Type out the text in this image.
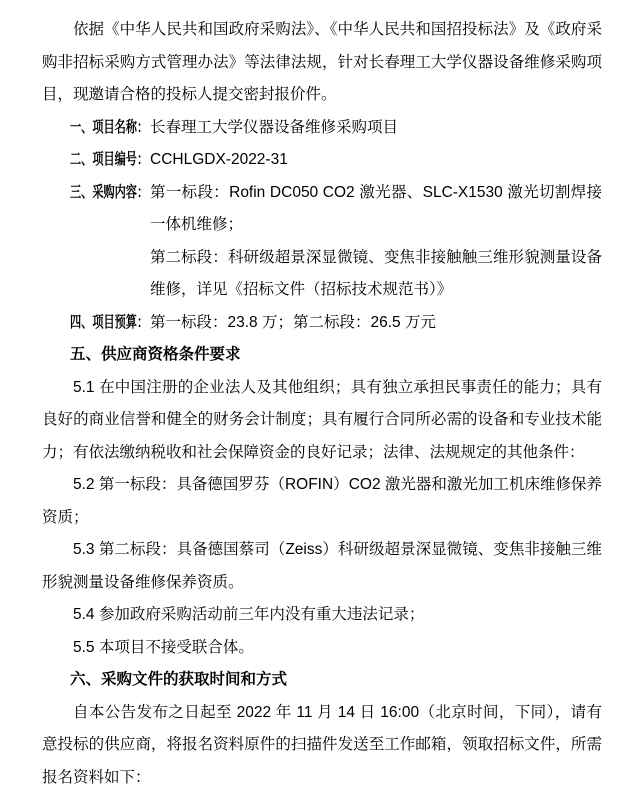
依据《中华人民共和国政府采购法》、《中华人民共和国招投标法》及《政府采购非招标采购方式管理办法》等法律法规，针对长春理工大学仪器设备维修采购项目，现邀请合格的投标人提交密封报价件。

一、项目名称： 长春理工大学仪器设备维修采购项目
二、项目编号： CCHLGDX-2022-31
三、采购内容： 第一标段：Rofin DC050 CO2 激光器、SLC-X1530 激光切割焊接一体机维修；
第二标段：科研级超景深显微镜、变焦非接触触三维形貌测量设备维修，详见《招标文件（招标技术规范书）》
四、项目预算： 第一标段：23.8 万；第二标段：26.5 万元

五、供应商资格条件要求

5.1 在中国注册的企业法人及其他组织；具有独立承担民事责任的能力；具有良好的商业信誉和健全的财务会计制度；具有履行合同所必需的设备和专业技术能力；有依法缴纳税收和社会保障资金的良好记录；法律、法规规定的其他条件：

5.2 第一标段：具备德国罗芬（ROFIN）CO2 激光器和激光加工机床维修保养资质；

5.3 第二标段：具备德国蔡司（Zeiss）科研级超景深显微镜、变焦非接触三维形貌测量设备维修保养资质。

5.4 参加政府采购活动前三年内没有重大违法记录；

5.5 本项目不接受联合体。

六、采购文件的获取时间和方式

自本公告发布之日起至 2022 年 11 月 14 日 16:00（北京时间，下同），请有意投标的供应商，将报名资料原件的扫描件发送至工作邮箱，领取招标文件，所需报名资料如下：
